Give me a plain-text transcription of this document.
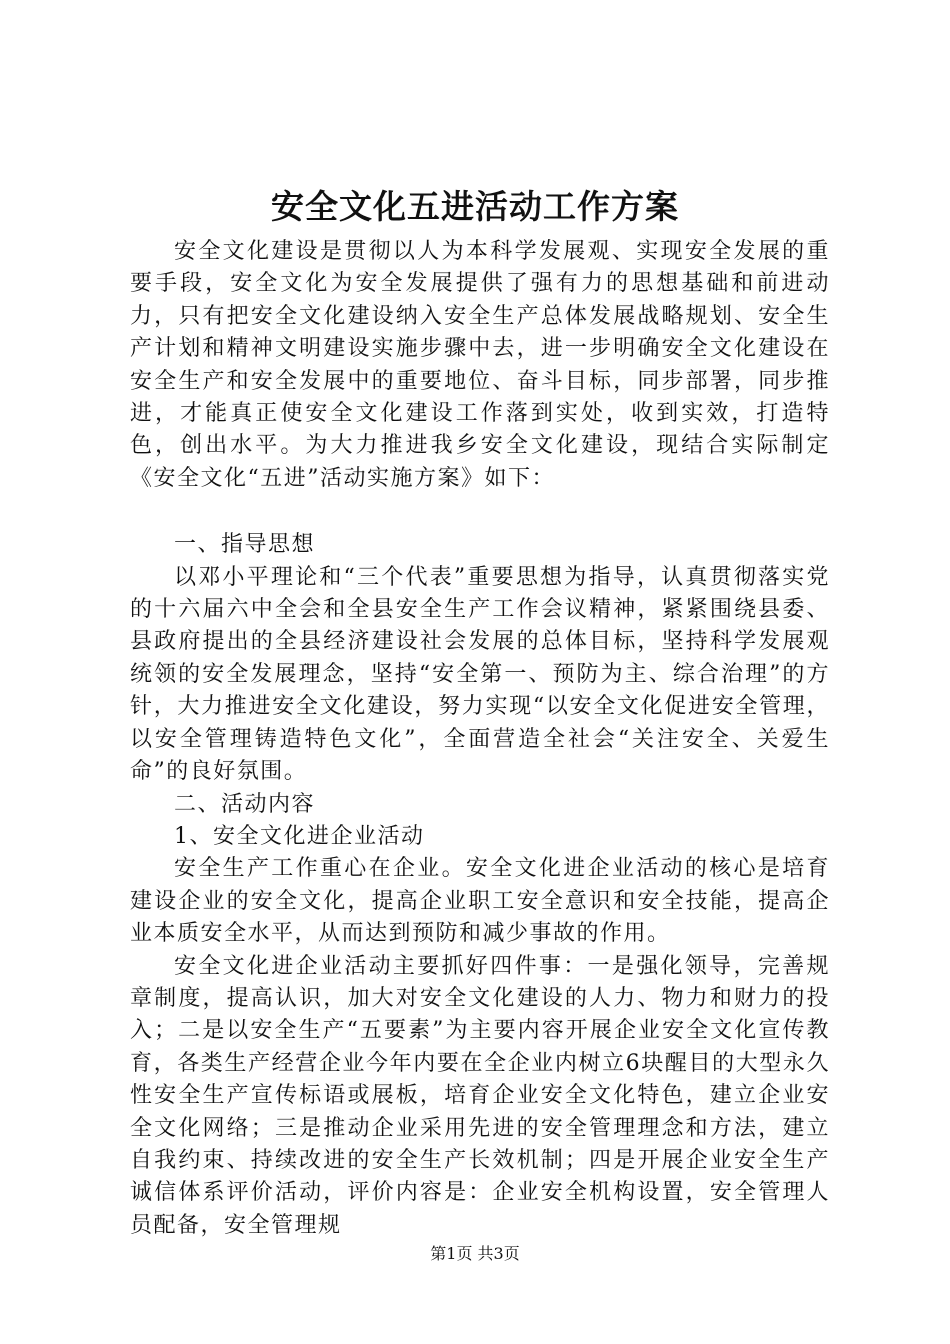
安全文化五进活动工作方案

安全文化建设是贯彻以人为本科学发展观、实现安全发展的重要手段，安全文化为安全发展提供了强有力的思想基础和前进动力，只有把安全文化建设纳入安全生产总体发展战略规划、安全生产计划和精神文明建设实施步骤中去，进一步明确安全文化建设在安全生产和安全发展中的重要地位、奋斗目标，同步部署，同步推进，才能真正使安全文化建设工作落到实处，收到实效，打造特色，创出水平。为大力推进我乡安全文化建设，现结合实际制定《安全文化“五进”活动实施方案》如下：

一、指导思想

以邓小平理论和“三个代表”重要思想为指导，认真贯彻落实党的十六届六中全会和全县安全生产工作会议精神，紧紧围绕县委、县政府提出的全县经济建设社会发展的总体目标，坚持科学发展观统领的安全发展理念，坚持“安全第一、预防为主、综合治理”的方针，大力推进安全文化建设，努力实现“以安全文化促进安全管理，以安全管理铸造特色文化”，全面营造全社会“关注安全、关爱生命”的良好氛围。

二、活动内容

1、安全文化进企业活动

安全生产工作重心在企业。安全文化进企业活动的核心是培育建设企业的安全文化，提高企业职工安全意识和安全技能，提高企业本质安全水平，从而达到预防和减少事故的作用。

安全文化进企业活动主要抓好四件事：一是强化领导，完善规章制度，提高认识，加大对安全文化建设的人力、物力和财力的投入；二是以安全生产“五要素”为主要内容开展企业安全文化宣传教育，各类生产经营企业今年内要在全企业内树立6块醒目的大型永久性安全生产宣传标语或展板，培育企业安全文化特色，建立企业安全文化网络；三是推动企业采用先进的安全管理理念和方法，建立自我约束、持续改进的安全生产长效机制；四是开展企业安全生产诚信体系评价活动，评价内容是：企业安全机构设置，安全管理人员配备，安全管理规

第1页 共3页
